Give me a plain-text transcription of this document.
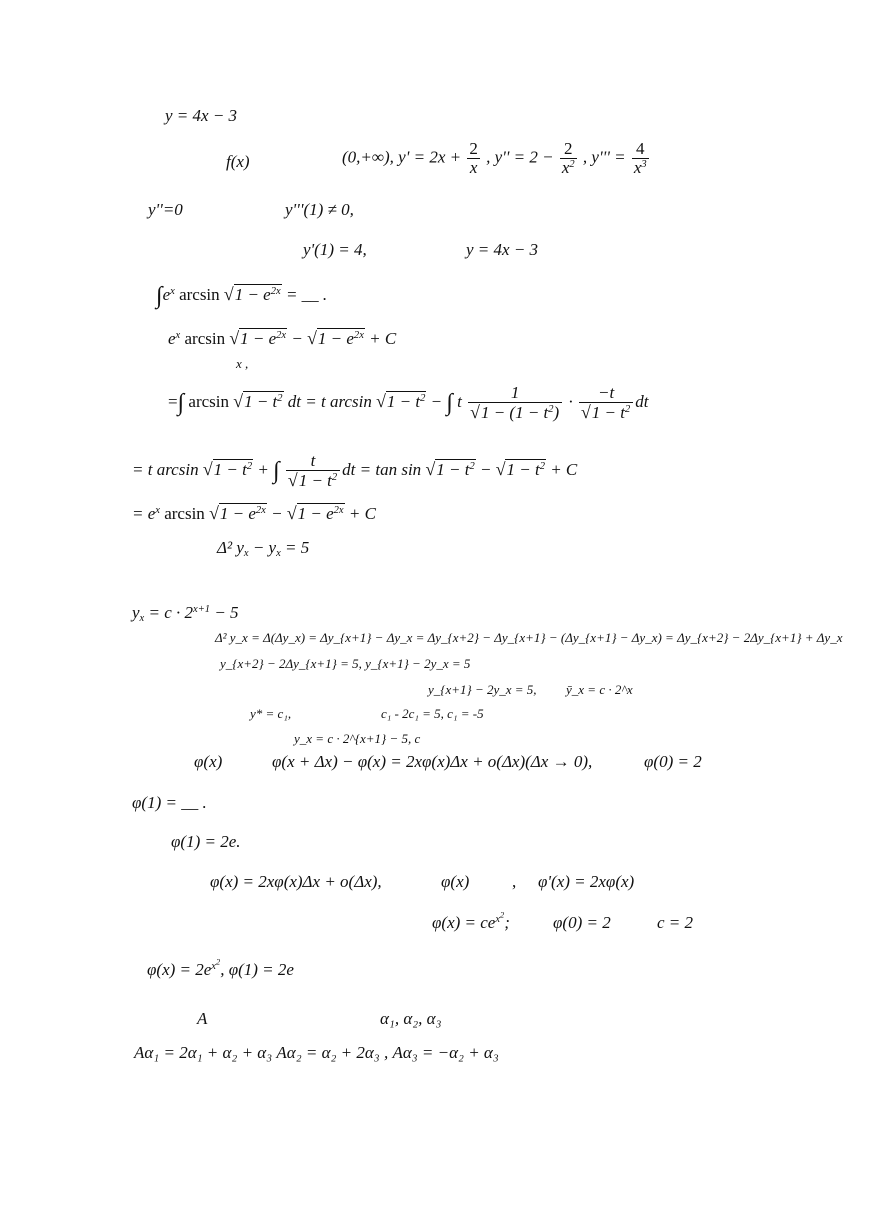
y = 4x − 3
f(x)	(0,+∞), $y' = 2x + \frac{2}{x}$ , $y'' = 2 - \frac{2}{x^2}$ , $y''' = \frac{4}{x^3}$
y''=0	y'''(1) ≠ 0,
y'(1) = 4,	y = 4x − 3
$\int e^x$ $\arcsin √1 - e^{2x}$ = __ .
$e^x$ $\arcsin √1 - e^{2x} - √1 - e^{2x} + C$
x ,
=∫ $\arcsin √1 - t^2$ dt = t $\arcsin √1 - t^2$ − ∫ t $\frac{1}{√1 - (1 - t^2)} \cdot \frac{-t}{√1 - t^2}$ dt
= t $\arcsin √1 - t^2$ + ∫ $\frac{t}{√1 - t^2}$ dt = $\tan \sin √1 - t^2 - √1 - t^2 + C$
= $e^x$ $\arcsin √1 - e^{2x} - √1 - e^{2x} + C$
Δ² $y_x - y_x = 5$
$y_x = c \cdot 2^{x+1} - 5$
Δ² y_x = Δ(Δy_x) = Δy_{x+1} − Δy_x = Δy_{x+2} − Δy_{x+1} − (Δy_{x+1} − Δy_x) = Δy_{x+2} − 2Δy_{x+1} + Δy_x
y_{x+2} − 2Δy_{x+1} = 5, y_{x+1} − 2y_x = 5
y_{x+1} − 2y_x = 5, ȳ_x = c · 2^x
y* = c₁,	c₁ - 2c₁ = 5, c₁ = -5
y_x = c · 2^{x+1} − 5, c
φ(x)	φ(x + Δx) − φ(x) = 2xφ(x)Δx + o(Δx)(Δx → 0),	φ(0) = 2
φ(1) = __ .
φ(1) = 2e.
φ(x) = 2xφ(x)Δx + o(Δx),	φ(x)	, φ'(x) = 2xφ(x)
$\varphi(x) = ce^{x^2}$;	φ(0) = 2	c = 2
$\varphi(x) = 2e^{x^2}$, φ(1) = 2e
A	α₁, α₂, α₃
Aα₁ = 2α₁ + α₂ + α₃ Aα₂ = α₂ + 2α₃ , Aα₃ = −α₂ + α₃
